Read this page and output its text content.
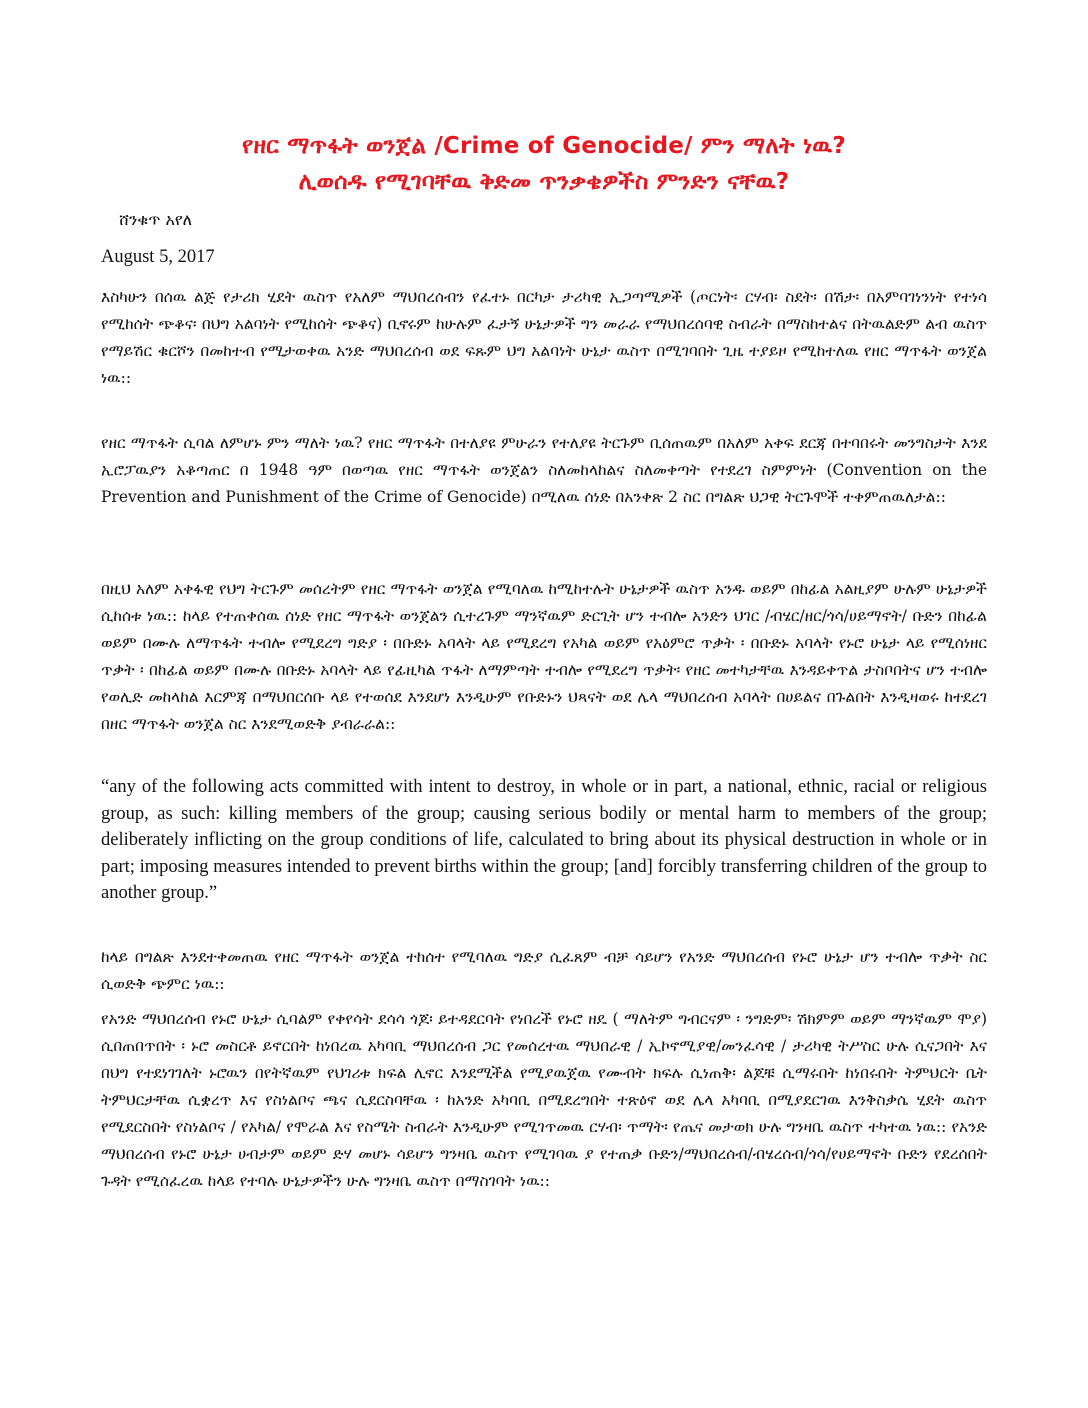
የዘር ማጥፋት ወንጀል /Crime of Genocide/ ምን ማለት ነዉ?
ሊወሰዱ የሚገባቸዉ ቅድመ ጥንቃቄዎችስ ምንድን ናቸዉ?
ሸንቁጥ አየለ
August 5, 2017

እስካሁን በሰዉ ልጅ የታሪክ ሂደት ዉስጥ የአለም ማህበረሰብን የፈተኑ በርካታ ታሪካዊ ኢጋጣሚዎች (ጦርነት፡ ርሃብ፡ ስደት፡ በሽታ፡ በአምባገነንነት የተነሳ የሚከሰት ጭቆና፡ በህግ አልባነት የሚከሰት ጭቆና) ቢኖሩም ከሁሉም ፈታኝ ሁኔታዎች ግን መራራ የማህበረሰባዊ ስብራት በማስከተልና በትዉልድም ልብ ዉስጥ የማይሽር ቁርሾን በመከተብ የሚታወቀዉ አንድ ማህበረሰብ ወደ ፍጹም ህግ አልባነት ሁኔታ ዉስጥ በሚገባበት ጊዜ ተያይዞ የሚከተለዉ የዘር ማጥፋት ወንጀል ነዉ::

የዘር ማጥፋት ሲባል ለምሆኑ ምን ማለት ነዉ? የዘር ማጥፋት በተለያዩ ምሁራን የተለያዩ ትርጉም ቢሰጠዉም በአለም አቀፍ ደርጃ በተባበሩት መንግስታት እንደ ኢሮፓዉያን አቆጣጠር በ 1948 ዓም በወጣዉ የዘር ማጥፋት ወንጀልን ስለመከላከልና ስለመቀጣት የተደረገ ስምምነት (Convention on the Prevention and Punishment of the Crime of Genocide) በሚለዉ ሰነድ በአንቀጽ 2 ስር በግልጽ ህጋዊ ትርጉሞች ተቀምጠዉለታል::

በዚህ አለም አቀፋዊ የህግ ትርጉም መሰረትም የዘር ማጥፋት ወንጀል የሚባለዉ ከሚከተሉት ሁኔታዎች ዉስጥ አንዱ ወይም በከፊል አልዚያም ሁሉም ሁኔታዎች ሲከሰቱ ነዉ:: ከላይ የተጠቀሰዉ ሰነድ የዘር ማጥፋት ወንጀልን ሲተረጉም ማንኛዉም ድርጊት ሆን ተብሎ አንድን ህገር /ብሄር/ዘር/ጎሳ/ሀይማኖት/ ቡድን በከፊል ወይም በሙሉ ለማጥፋት ተብሎ የሚደረግ ግድያ ፡ በቡድኑ አባላት ላይ የሚደረግ የአካል ወይም የአዕምሮ ጥቃት ፡ በቡድኑ አባላት የኑሮ ሁኔታ ላይ የሚሰነዘር ጥቃት ፡ በከፊል ወይም በሙሉ በቡድኑ አባላት ላይ የፊዚካል ጥፋት ለማምጣት ተብሎ የሚደረግ ጥቃት፡ የዘር መተካታቸዉ እንዳይቀጥል ታስቦበትና ሆን ተብሎ የወሊድ መከላከል እርምጃ በማህበርሰቡ ላይ የተወሰደ እንደሆነ እንዲሁም የቡድኑን ህጻናት ወደ ሌላ ማህበረሰብ አባላት በሀይልና በጉልበት እንዲዛወሩ ከተደረገ በዘር ማጥፋት ወንጀል ስር እንደሚወድቅ ያብራራል::

“any of the following acts committed with intent to destroy, in whole or in part, a national, ethnic, racial or religious group, as such: killing members of the group; causing serious bodily or mental harm to members of the group; deliberately inflicting on the group conditions of life, calculated to bring about its physical destruction in whole or in part; imposing measures intended to prevent births within the group; [and] forcibly transferring children of the group to another group.”

ከላይ በግልጽ እንደተቀመጠዉ የዘር ማጥፋት ወንጀል ተከሰተ የሚባለዉ ግድያ ሲፈጸም ብቻ ሳይሆን የአንድ ማህበረሰብ የኑሮ ሁኔታ ሆን ተብሎ ጥቃት ስር ሲወድቅ ጭምር ነዉ::

የአንድ ማህበረሰብ የኑሮ ሁኔታ ሲባልም የቀየሳት ደሳሳ ጎጆ፡ ይተዳደርባት የነበረች የኑሮ ዘዴ ( ማለትም ግብርናም ፡ ንግድም፡ ሽክምም ወይም ማንኛዉም ሞያ) ሲበጠበጥበት ፡ ኑሮ መስርቶ ይኖርበት ከነበረዉ አካባቢ ማህበረሰብ ጋር የመሰረተዉ ማህበራዊ / ኢኮኖሚያዊ/መንፈሳዊ / ታሪካዊ ትሥስር ሁሉ ሲናጋበት እና በህግ የተደነገገለት ኑሮዉን በየትኛዉም የህገሪቱ ክፍል ሊኖር እንደሚችል የሚያዉጀዉ የሙብት ክፍሉ ሲነጠቅ፡ ልጆቹ ሲማሩበት ከነበሩበት ትምህርት ቤት ትምህርታቸዉ ሲቋረጥ እና የስነልቦና ጫና ሲደርስባቸዉ ፡ ከአንድ አካባቢ በሚደረግበት ተጽዕኖ ወደ ሌላ አካባቢ በሚያደርገዉ እንቅስቃሴ ሂደት ዉስጥ የሚደርስበት የስነልቦና / የአካል/ የሞራል እና የስሜት ስብራት እንዲሁም የሚገጥመዉ ርሃብ፡ ጥማት፡ የጤና መታወክ ሁሉ ግንዛቤ ዉስጥ ተካተዉ ነዉ:: የአንድ ማህበረሰብ የኑሮ ሁኔታ ሀብታም ወይም ድሃ መሆኑ ሳይሆን ግንዛቤ ዉስጥ የሚገባዉ ያ የተጠቃ ቡድን/ማህበረሰብ/ብሄረሰብ/ጎሳ/የሀይማኖት ቡድን የደረሰበት ጉዳት የሚሰፈረዉ ከላይ የተባሉ ሁኔታዎችን ሁሉ ግንዛቤ ዉስጥ በማስገባት ነዉ::
